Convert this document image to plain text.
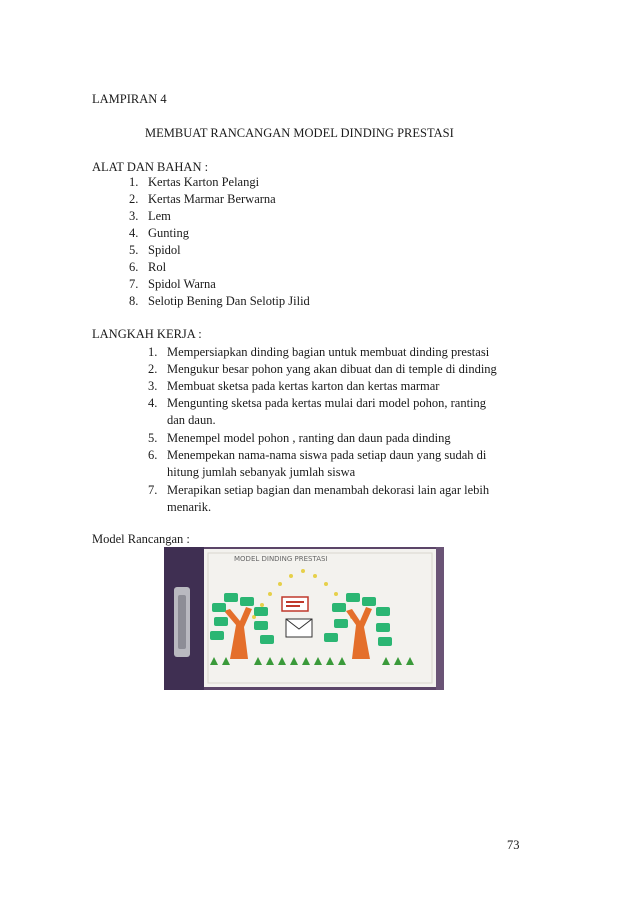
LAMPIRAN 4
MEMBUAT RANCANGAN MODEL DINDING PRESTASI
ALAT DAN BAHAN :
1. Kertas Karton Pelangi
2. Kertas Marmar Berwarna
3. Lem
4. Gunting
5. Spidol
6. Rol
7. Spidol Warna
8. Selotip Bening Dan Selotip Jilid
LANGKAH KERJA :
1. Mempersiapkan dinding bagian untuk membuat dinding prestasi
2. Mengukur besar pohon yang akan dibuat dan di temple di dinding
3. Membuat sketsa pada kertas karton dan kertas marmar
4. Mengunting sketsa pada kertas mulai dari model pohon, ranting
dan daun.
5. Menempel model pohon , ranting dan daun pada dinding
6. Menempekan nama-nama siswa pada setiap daun yang sudah di
hitung jumlah sebanyak jumlah siswa
7. Merapikan setiap bagian dan menambah dekorasi lain agar lebih
menarik.
Model Rancangan :
MODEL DINDING PRESTASI
73
